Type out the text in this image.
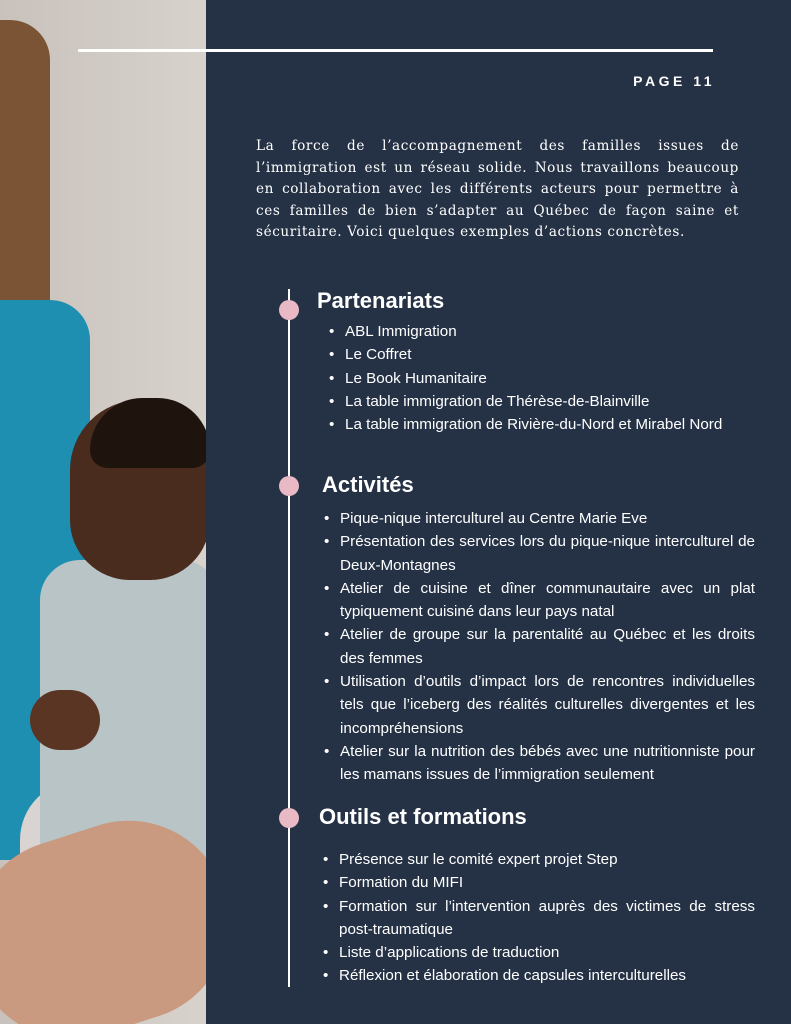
PAGE 11

La force de l’accompagnement des familles issues de l’immigration est un réseau solide. Nous travaillons beaucoup en collaboration avec les différents acteurs pour permettre à ces familles de bien s’adapter au Québec de façon saine et sécuritaire. Voici quelques exemples d’actions concrètes.

Partenariats
• ABL Immigration
• Le Coffret
• Le Book Humanitaire
• La table immigration de Thérèse-de-Blainville
• La table immigration de Rivière-du-Nord et Mirabel Nord
Activités
• Pique-nique interculturel au Centre Marie Eve
• Présentation des services lors du pique-nique interculturel de Deux-Montagnes
• Atelier de cuisine et dîner communautaire avec un plat typiquement cuisiné dans leur pays natal
• Atelier de groupe sur la parentalité au Québec et les droits des femmes
• Utilisation d’outils d’impact lors de rencontres individuelles tels que l’iceberg des réalités culturelles divergentes et les incompréhensions
• Atelier sur la nutrition des bébés avec une nutritionniste pour les mamans issues de l’immigration seulement
Outils et formations
• Présence sur le comité expert projet Step
• Formation du MIFI
• Formation sur l’intervention auprès des victimes de stress post-traumatique
• Liste d’applications de traduction
• Réflexion et élaboration de capsules interculturelles
